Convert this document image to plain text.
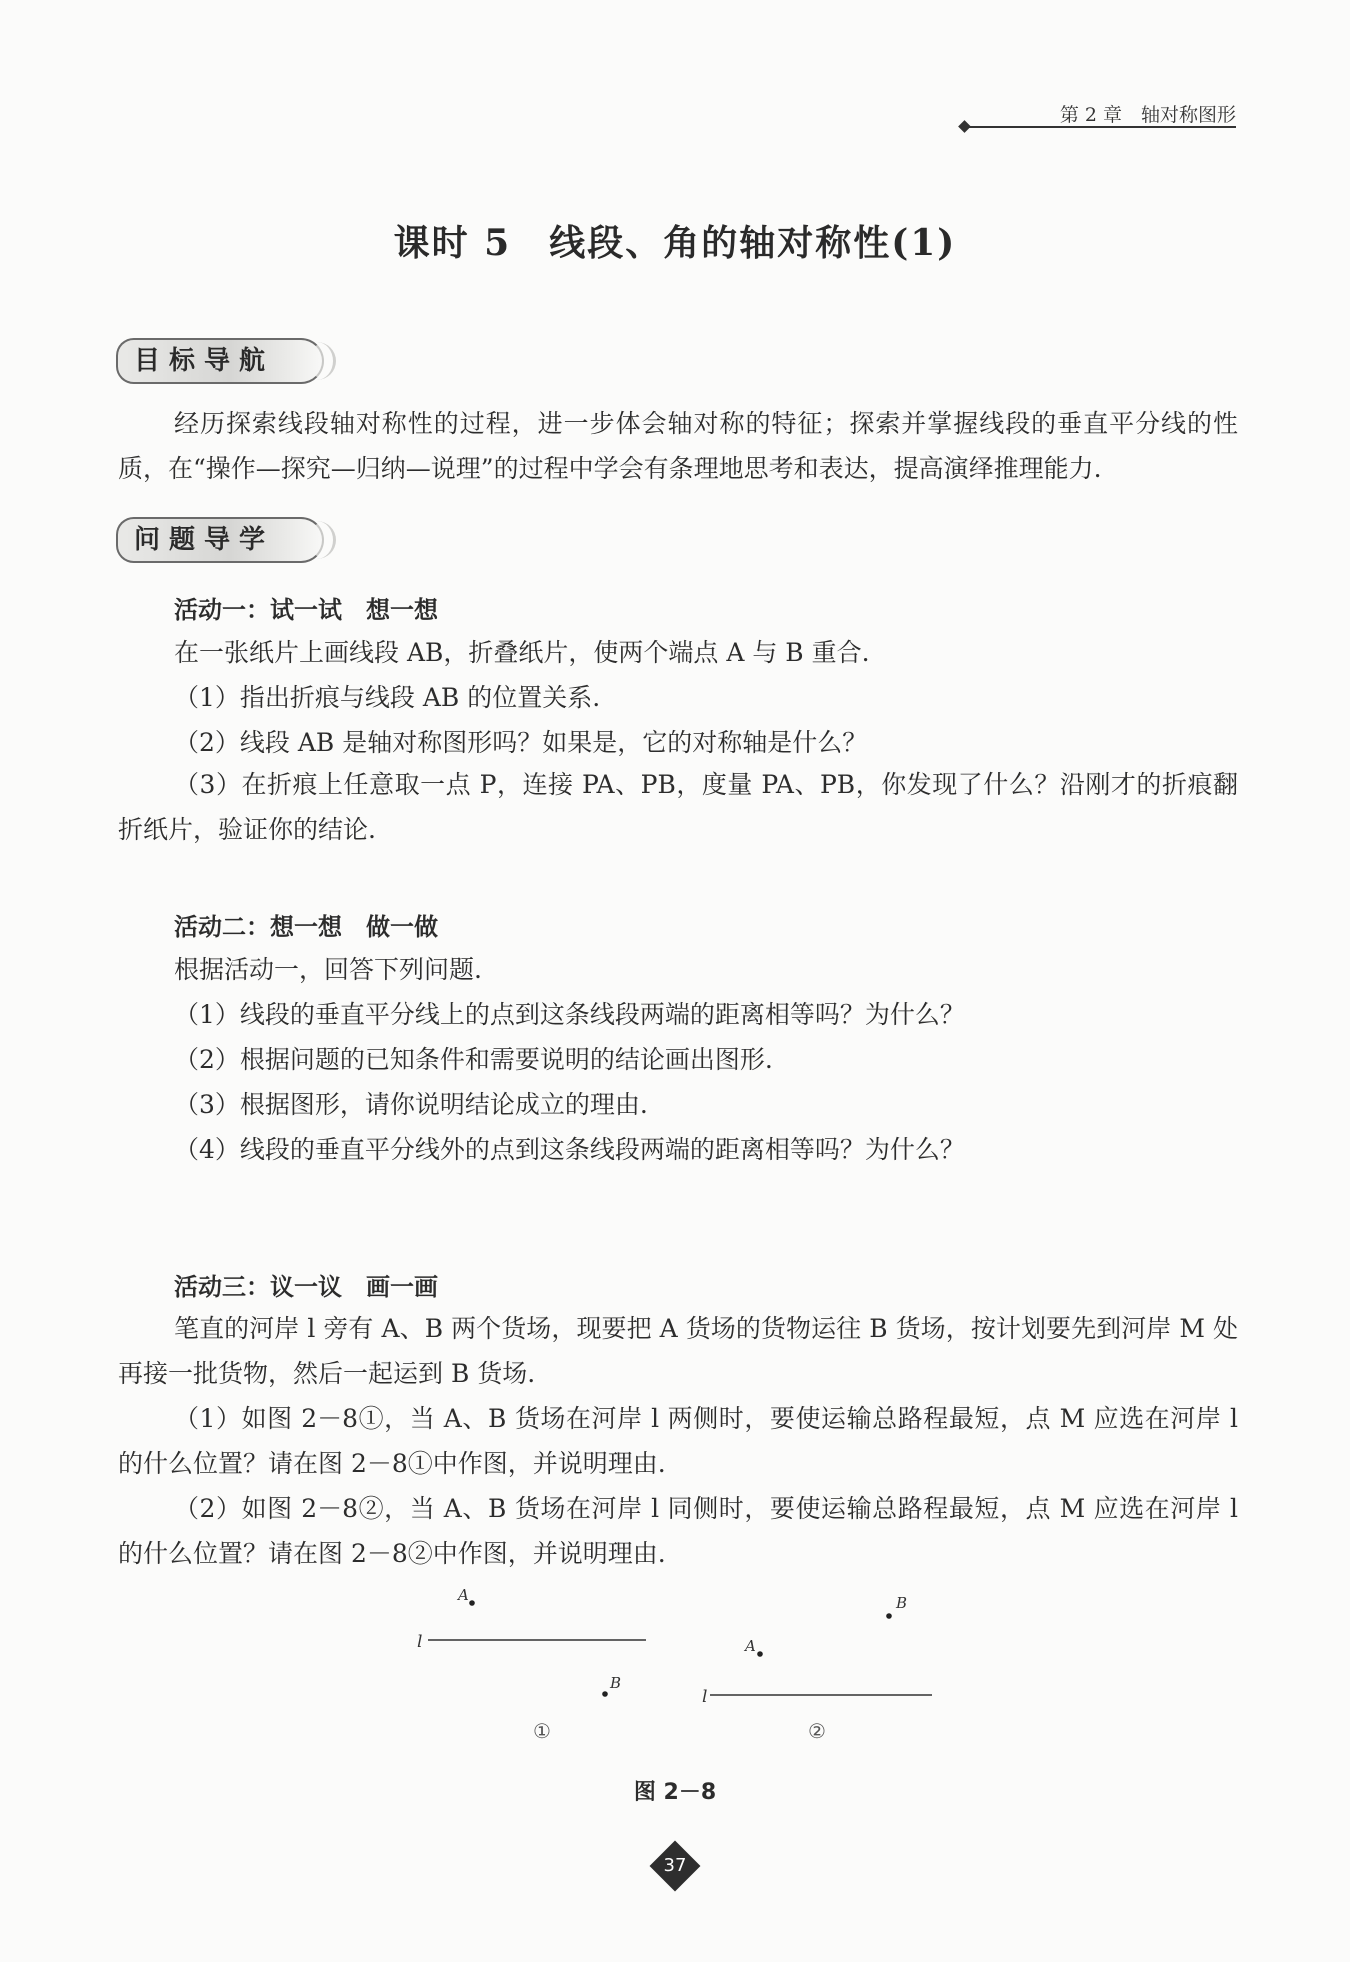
第 2 章　轴对称图形
课时 5　线段、角的轴对称性(1)
目标导航
经历探索线段轴对称性的过程，进一步体会轴对称的特征；探索并掌握线段的垂直平分线的性质，在“操作—探究—归纳—说理”的过程中学会有条理地思考和表达，提高演绎推理能力.
问题导学
活动一：试一试　想一想
在一张纸片上画线段 AB，折叠纸片，使两个端点 A 与 B 重合.
（1）指出折痕与线段 AB 的位置关系.
（2）线段 AB 是轴对称图形吗？如果是，它的对称轴是什么？
（3）在折痕上任意取一点 P，连接 PA、PB，度量 PA、PB，你发现了什么？沿刚才的折痕翻折纸片，验证你的结论.
活动二：想一想　做一做
根据活动一，回答下列问题.
（1）线段的垂直平分线上的点到这条线段两端的距离相等吗？为什么？
（2）根据问题的已知条件和需要说明的结论画出图形.
（3）根据图形，请你说明结论成立的理由.
（4）线段的垂直平分线外的点到这条线段两端的距离相等吗？为什么？
活动三：议一议　画一画
笔直的河岸 l 旁有 A、B 两个货场，现要把 A 货场的货物运往 B 货场，按计划要先到河岸 M 处再接一批货物，然后一起运到 B 货场.
（1）如图 2－8①，当 A、B 货场在河岸 l 两侧时，要使运输总路程最短，点 M 应选在河岸 l 的什么位置？请在图 2－8①中作图，并说明理由.
（2）如图 2－8②，当 A、B 货场在河岸 l 同侧时，要使运输总路程最短，点 M 应选在河岸 l 的什么位置？请在图 2－8②中作图，并说明理由.
l
A
B
①
l
A
B
②
图 2－8
37
